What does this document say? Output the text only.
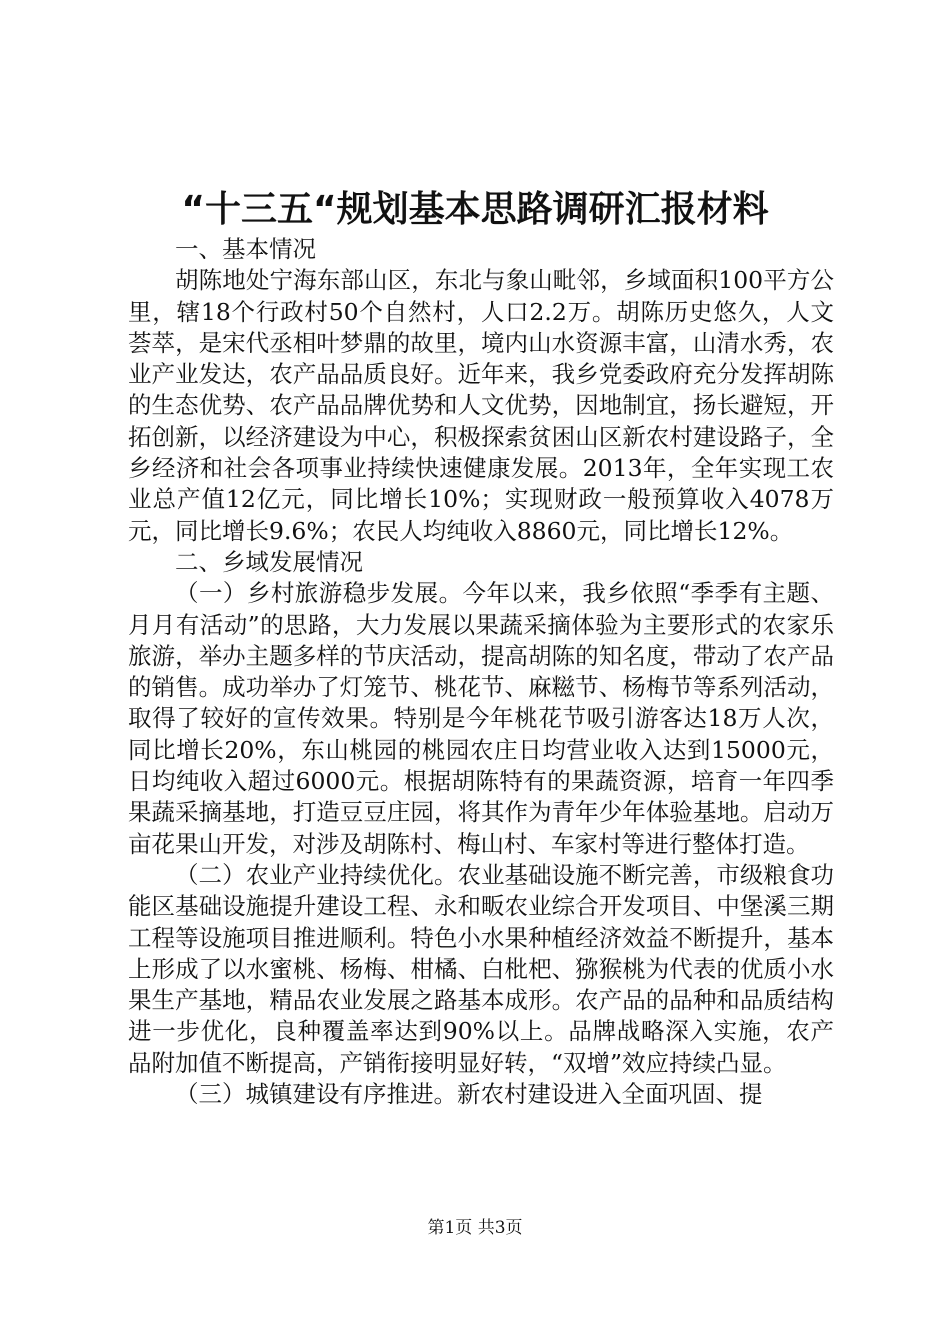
“十三五“规划基本思路调研汇报材料

一、基本情况

胡陈地处宁海东部山区，东北与象山毗邻，乡域面积100平方公里，辖18个行政村50个自然村，人口2.2万。胡陈历史悠久，人文荟萃，是宋代丞相叶梦鼎的故里，境内山水资源丰富，山清水秀，农业产业发达，农产品品质良好。近年来，我乡党委政府充分发挥胡陈的生态优势、农产品品牌优势和人文优势，因地制宜，扬长避短，开拓创新，以经济建设为中心，积极探索贫困山区新农村建设路子，全乡经济和社会各项事业持续快速健康发展。2013年，全年实现工农业总产值12亿元，同比增长10%；实现财政一般预算收入4078万元，同比增长9.6%；农民人均纯收入8860元，同比增长12%。

二、乡域发展情况

（一）乡村旅游稳步发展。今年以来，我乡依照“季季有主题、月月有活动”的思路，大力发展以果蔬采摘体验为主要形式的农家乐旅游，举办主题多样的节庆活动，提高胡陈的知名度，带动了农产品的销售。成功举办了灯笼节、桃花节、麻糍节、杨梅节等系列活动，取得了较好的宣传效果。特别是今年桃花节吸引游客达18万人次，同比增长20%，东山桃园的桃园农庄日均营业收入达到15000元，日均纯收入超过6000元。根据胡陈特有的果蔬资源，培育一年四季果蔬采摘基地，打造豆豆庄园，将其作为青年少年体验基地。启动万亩花果山开发，对涉及胡陈村、梅山村、车家村等进行整体打造。

（二）农业产业持续优化。农业基础设施不断完善，市级粮食功能区基础设施提升建设工程、永和畈农业综合开发项目、中堡溪三期工程等设施项目推进顺利。特色小水果种植经济效益不断提升，基本上形成了以水蜜桃、杨梅、柑橘、白枇杷、猕猴桃为代表的优质小水果生产基地，精品农业发展之路基本成形。农产品的品种和品质结构进一步优化，良种覆盖率达到90%以上。品牌战略深入实施，农产品附加值不断提高，产销衔接明显好转，“双增”效应持续凸显。

（三）城镇建设有序推进。新农村建设进入全面巩固、提

第1页 共3页
